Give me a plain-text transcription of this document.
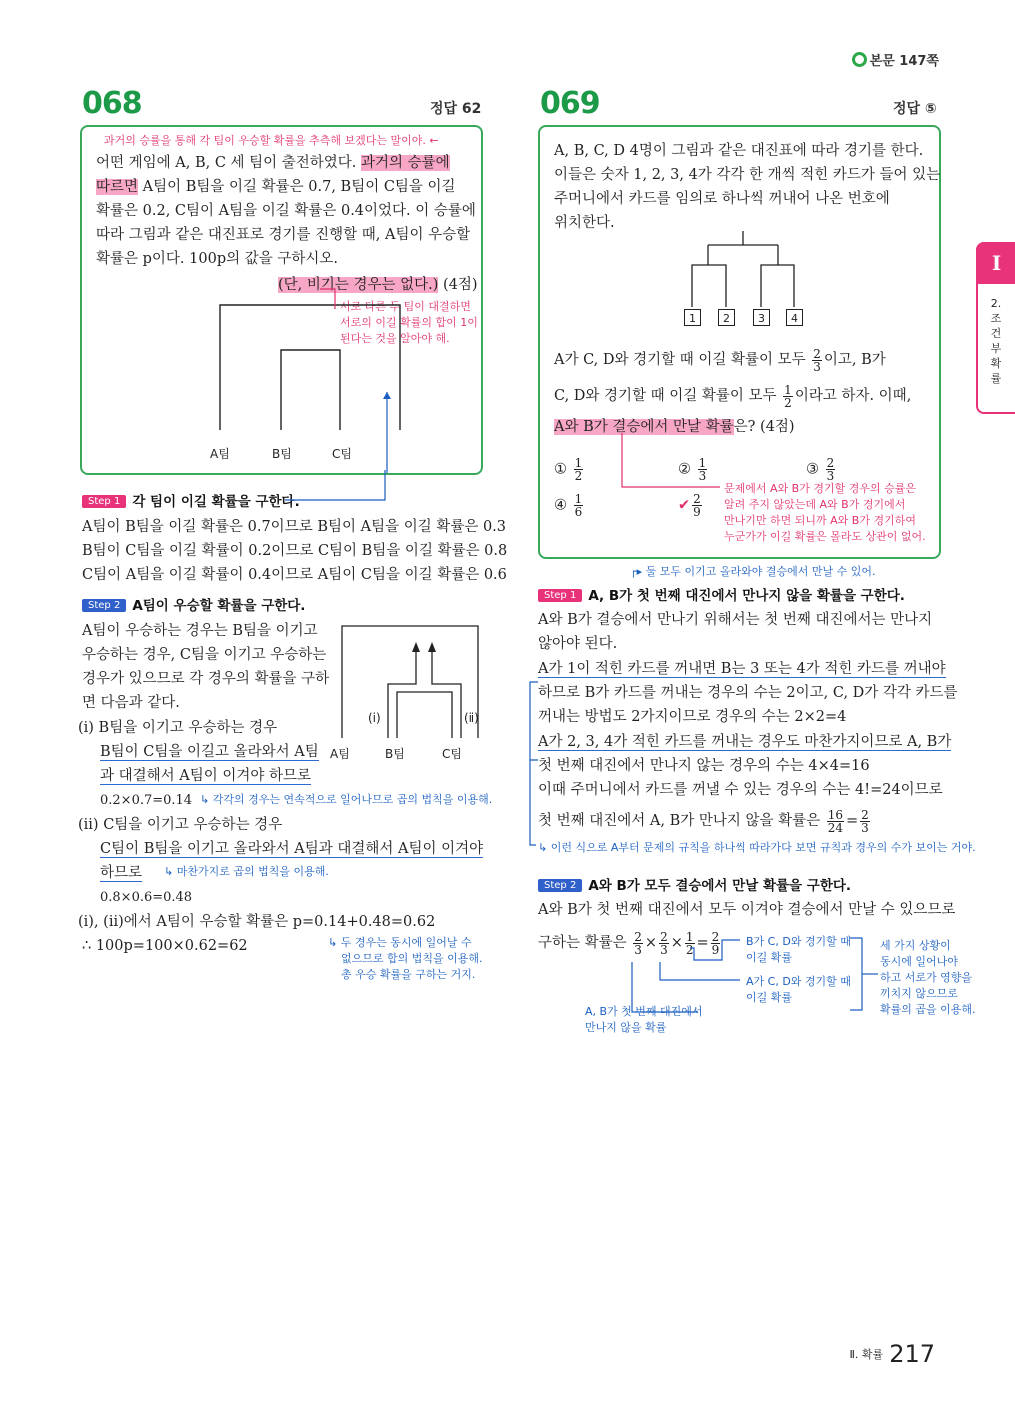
본문 147쪽
068	정답 62
과거의 승률을 통해 각 팀이 우승할 확률을 추측해 보겠다는 말이야. ←
어떤 게임에 A, B, C 세 팀이 출전하였다. 과거의 승률에
따르면 A팀이 B팀을 이길 확률은 0.7, B팀이 C팀을 이길
확률은 0.2, C팀이 A팀을 이길 확률은 0.4이었다. 이 승률에
따라 그림과 같은 대진표로 경기를 진행할 때, A팀이 우승할
확률은 p이다. 100p의 값을 구하시오.
(단, 비기는 경우는 없다.) (4점)
서로 다른 두 팀이 대결하면
서로의 이길 확률의 합이 1이
된다는 것을 알아야 해.
A팀	B팀	C팀
Step 1 각 팀이 이길 확률을 구한다.
A팀이 B팀을 이길 확률은 0.7이므로 B팀이 A팀을 이길 확률은 0.3
B팀이 C팀을 이길 확률이 0.2이므로 C팀이 B팀을 이길 확률은 0.8
C팀이 A팀을 이길 확률이 0.4이므로 A팀이 C팀을 이길 확률은 0.6
Step 2 A팀이 우승할 확률을 구한다.
A팀이 우승하는 경우는 B팀을 이기고
우승하는 경우, C팀을 이기고 우승하는
경우가 있으므로 각 경우의 확률을 구하
면 다음과 같다.
(ⅰ)	(ⅱ)
A팀	B팀	C팀
(ⅰ) B팀을 이기고 우승하는 경우
B팀이 C팀을 이길고 올라와서 A팀
과 대결해서 A팀이 이겨야 하므로
0.2×0.7=0.14 ↳ 각각의 경우는 연속적으로 일어나므로 곱의 법칙을 이용해.
(ⅱ) C팀을 이기고 우승하는 경우
C팀이 B팀을 이기고 올라와서 A팀과 대결해서 A팀이 이겨야
하므로 ↳ 마찬가지로 곱의 법칙을 이용해.
0.8×0.6=0.48
(ⅰ), (ⅱ)에서 A팀이 우승할 확률은 p=0.14+0.48=0.62
∴ 100p=100×0.62=62	↳ 두 경우는 동시에 일어날 수
없으므로 합의 법칙을 이용해.
총 우승 확률을 구하는 거지.
069	정답 ⑤
A, B, C, D 4명이 그림과 같은 대진표에 따라 경기를 한다.
이들은 숫자 1, 2, 3, 4가 각각 한 개씩 적힌 카드가 들어 있는
주머니에서 카드를 임의로 하나씩 꺼내어 나온 번호에
위치한다.
1	2	3	4
A가 C, D와 경기할 때 이길 확률이 모두 $\frac{2}{3}$ 이고, B가
C, D와 경기할 때 이길 확률이 모두 $\frac{1}{2}$ 이라고 하자. 이때,
A와 B가 결승에서 만날 확률은? (4점)
① $\frac{1}{2}$	② $\frac{1}{3}$	③ $\frac{2}{3}$
④ $\frac{1}{6}$	✔ $\frac{2}{9}$
문제에서 A와 B가 경기할 경우의 승률은
알려 주지 않았는데 A와 B가 경기에서
만나기만 하면 되니까 A와 B가 경기하여
누군가가 이길 확률은 몰라도 상관이 없어.
┌▸ 둘 모두 이기고 올라와야 결승에서 만날 수 있어.
Step 1 A, B가 첫 번째 대진에서 만나지 않을 확률을 구한다.
A와 B가 결승에서 만나기 위해서는 첫 번째 대진에서는 만나지
않아야 된다.
A가 1이 적힌 카드를 꺼내면 B는 3 또는 4가 적힌 카드를 꺼내야
하므로 B가 카드를 꺼내는 경우의 수는 2이고, C, D가 각각 카드를
꺼내는 방법도 2가지이므로 경우의 수는 2×2=4
A가 2, 3, 4가 적힌 카드를 꺼내는 경우도 마찬가지이므로 A, B가
첫 번째 대진에서 만나지 않는 경우의 수는 4×4=16
이때 주머니에서 카드를 꺼낼 수 있는 경우의 수는 4!=24이므로
첫 번째 대진에서 A, B가 만나지 않을 확률은 $\frac{16}{24} = \frac{2}{3}$
↳ 이런 식으로 A부터 문제의 규칙을 하나씩 따라가다 보면 규칙과 경우의 수가 보이는 거야.
Step 2 A와 B가 모두 결승에서 만날 확률을 구한다.
A와 B가 첫 번째 대진에서 모두 이겨야 결승에서 만날 수 있으므로
구하는 확률은 $\frac{2}{3} \times \frac{2}{3} \times \frac{1}{2} = \frac{2}{9}$ B가 C, D와 경기할 때
이길 확률
A가 C, D와 경기할 때
이길 확률
A, B가 첫 번째 대진에서
만나지 않을 확률
세 가지 상황이
동시에 일어나야
하고 서로가 영향을
끼치지 않으므로
확률의 곱을 이용해.
Ⅰ
2.조건부확률
Ⅱ. 확률 217
